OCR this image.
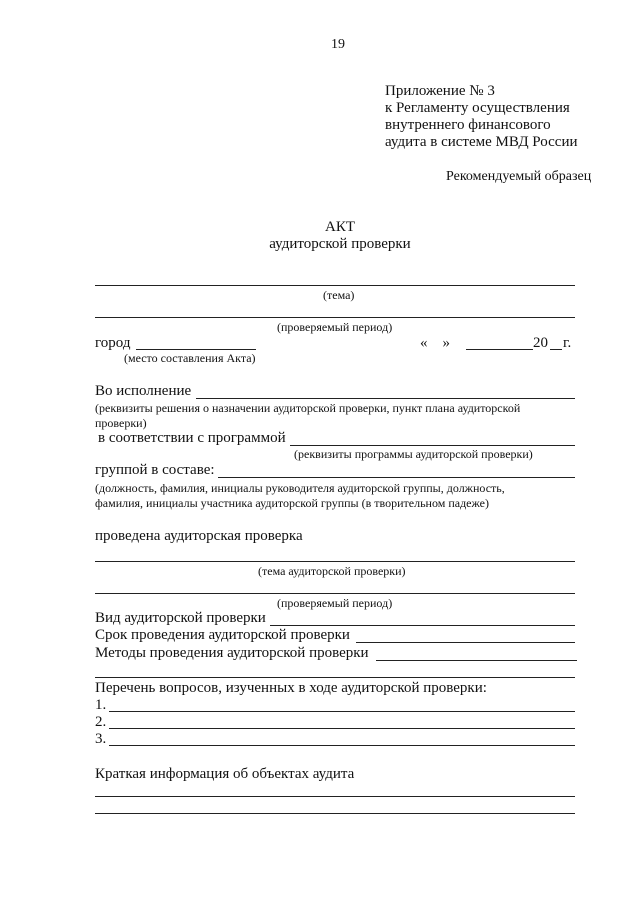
19
Приложение № 3
к Регламенту осуществления
внутреннего финансового
аудита в системе МВД России
Рекомендуемый образец
АКТ
аудиторской проверки
(тема)
(проверяемый период)
город
(место составления Акта)
«    »	20 г.
Во исполнение
(реквизиты решения о назначении аудиторской проверки, пункт плана аудиторской
проверки)
в соответствии с программой
(реквизиты программы аудиторской проверки)
группой в составе:
(должность, фамилия, инициалы руководителя аудиторской группы, должность,
фамилия, инициалы участника аудиторской группы (в творительном падеже)
проведена аудиторская проверка
(тема аудиторской проверки)
(проверяемый период)
Вид аудиторской проверки
Срок проведения аудиторской проверки
Методы проведения аудиторской проверки
Перечень вопросов, изученных в ходе аудиторской проверки:
1.
2.
3.
Краткая информация об объектах аудита
